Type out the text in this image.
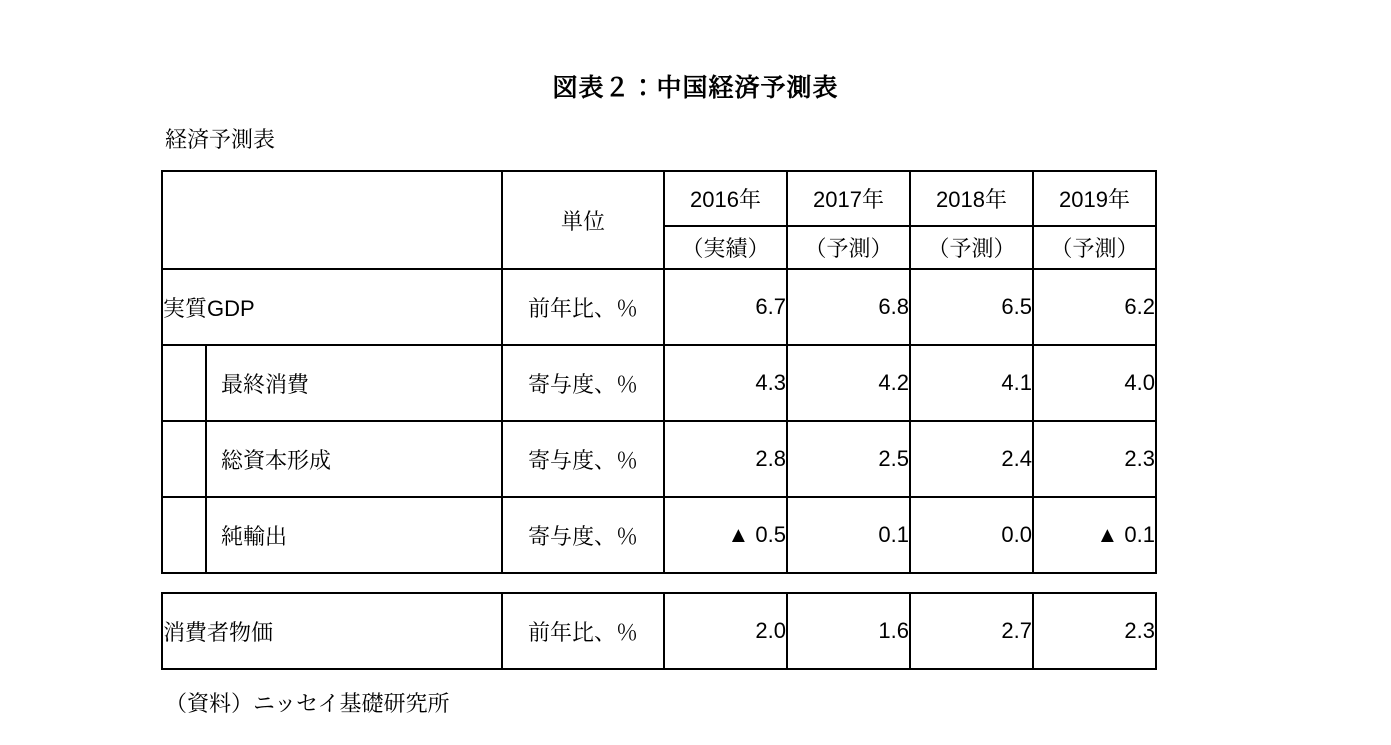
図表２：中国経済予測表
経済予測表
		単位	2016年	2017年	2018年	2019年
			（実績）	（予測）	（予測）	（予測）
実質GDP		前年比、％	6.7	6.8	6.5	6.2
	最終消費	寄与度、％	4.3	4.2	4.1	4.0
	総資本形成	寄与度、％	2.8	2.5	2.4	2.3
	純輸出	寄与度、％	▲ 0.5	0.1	0.0	▲ 0.1
消費者物価	前年比、％	2.0	1.6	2.7	2.3
（資料）ニッセイ基礎研究所
